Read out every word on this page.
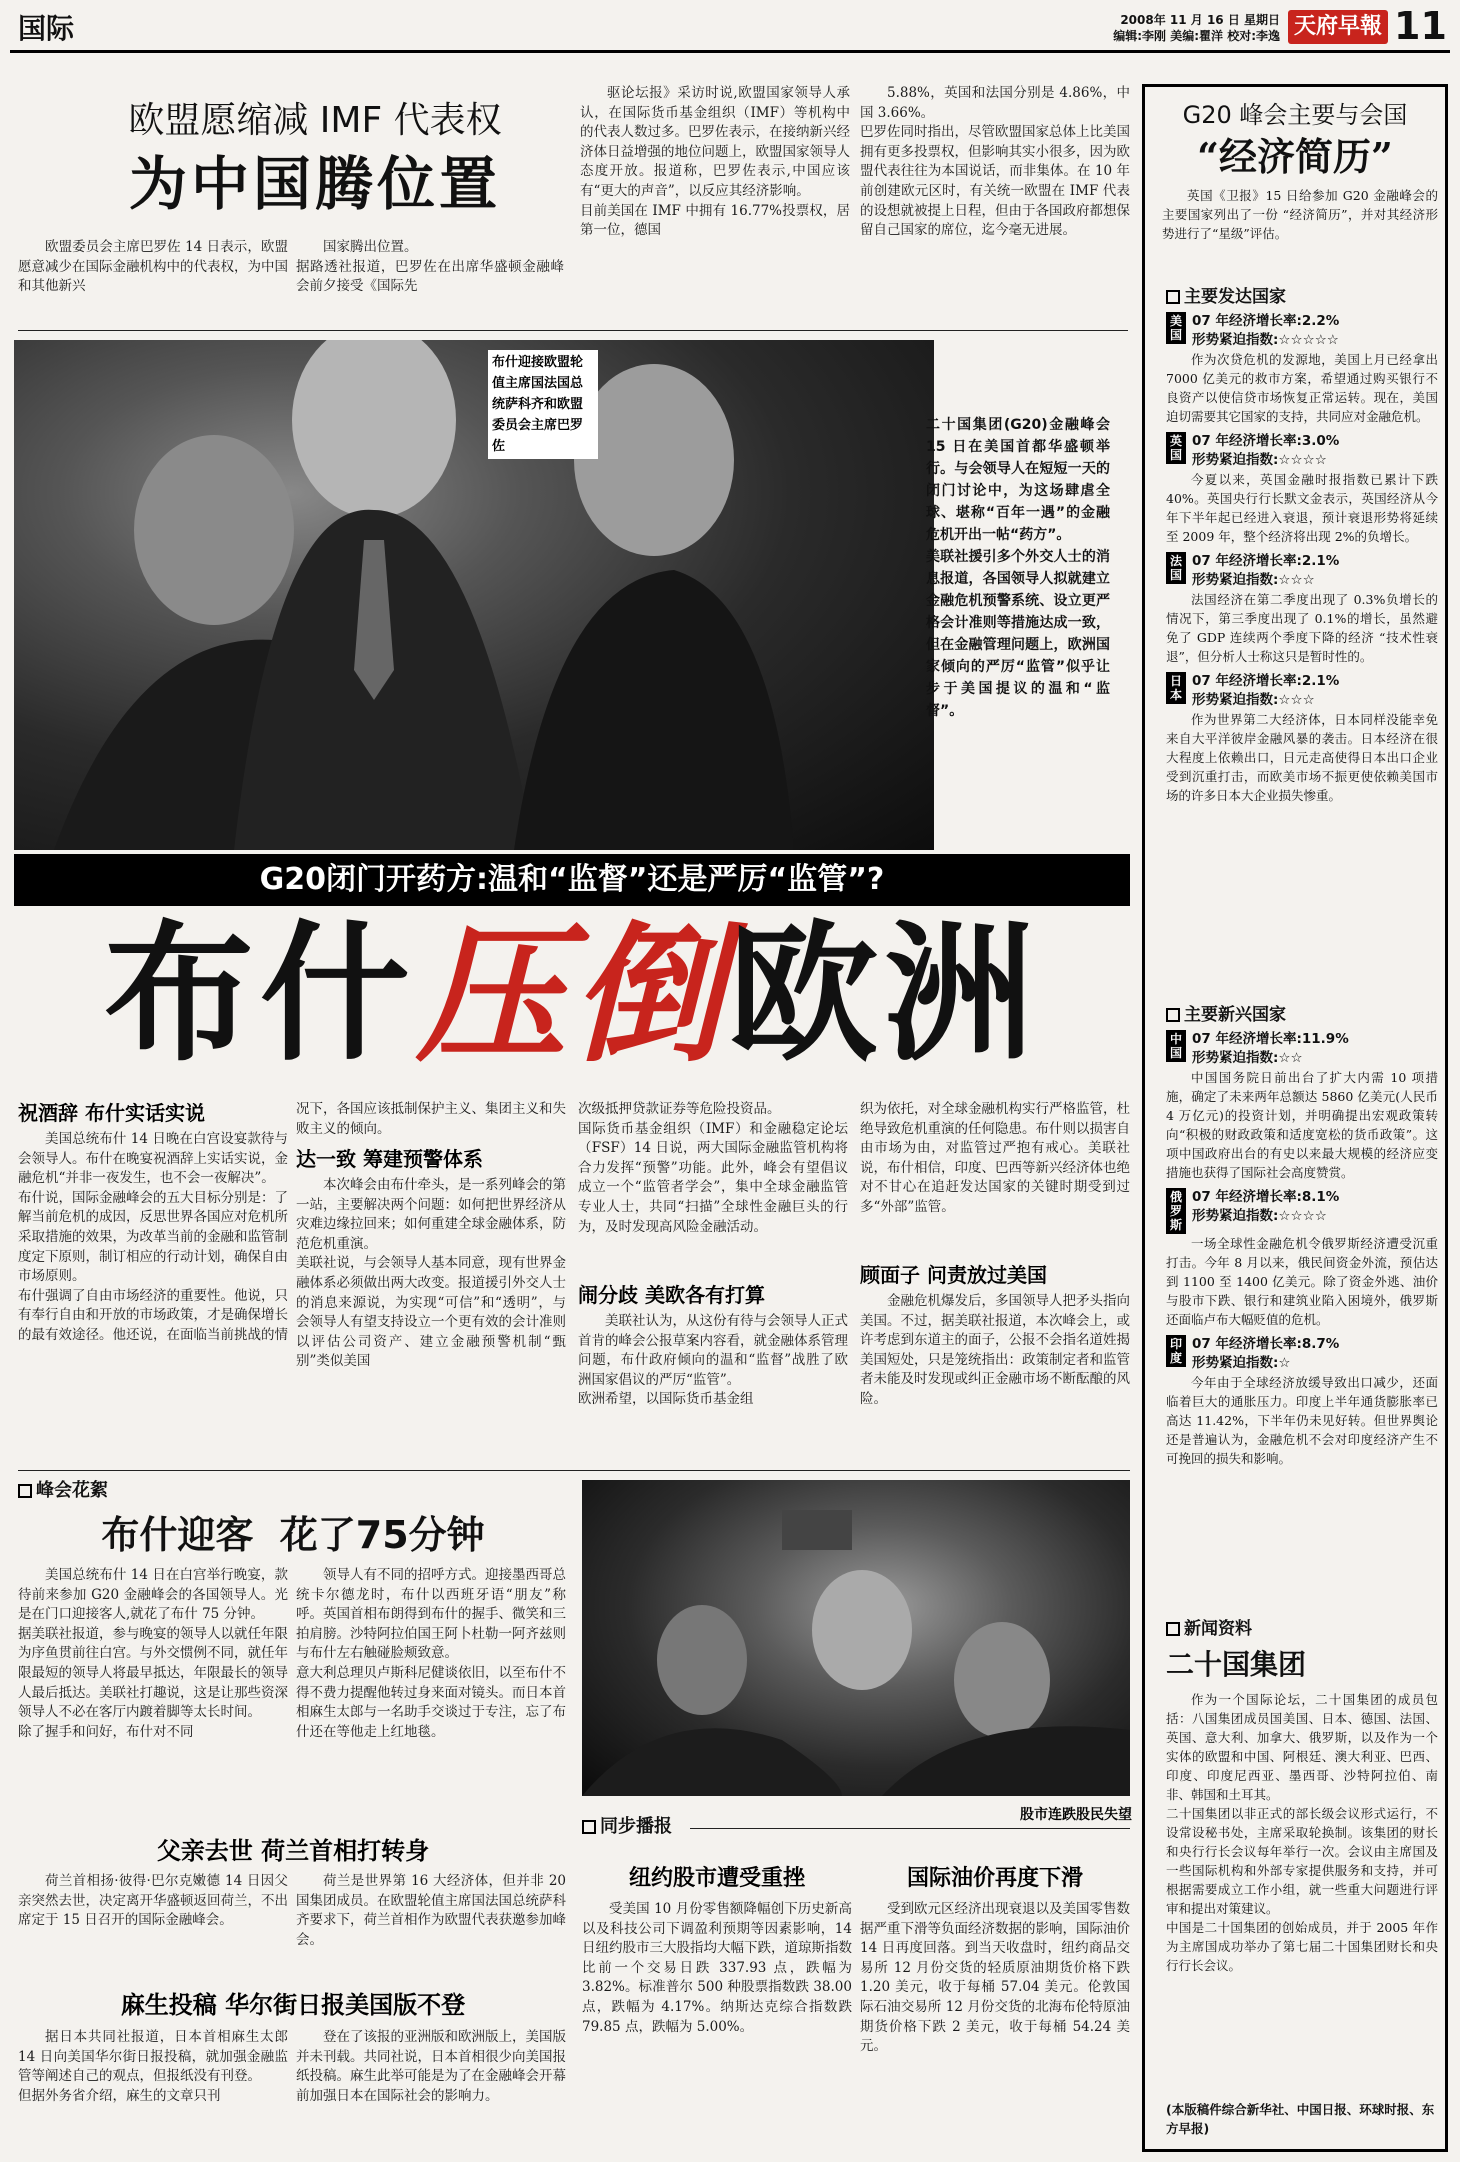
国际	2008年 11 月 16 日 星期日
编辑:李刚 美编:瞿洋 校对:李逸 天府早報 11
欧盟愿缩减 IMF 代表权
为中国腾位置
欧盟委员会主席巴罗佐 14 日表示，欧盟愿意减少在国际金融机构中的代表权，为中国和其他新兴
国家腾出位置。
据路透社报道，巴罗佐在出席华盛顿金融峰会前夕接受《国际先
驱论坛报》采访时说,欧盟国家领导人承认，在国际货币基金组织（IMF）等机构中的代表人数过多。巴罗佐表示，在接纳新兴经济体日益增强的地位问题上，欧盟国家领导人态度开放。报道称，巴罗佐表示,中国应该有“更大的声音”，以反应其经济影响。
目前美国在 IMF 中拥有 16.77%投票权，居第一位，德国
5.88%，英国和法国分别是 4.86%，中国 3.66%。
巴罗佐同时指出，尽管欧盟国家总体上比美国拥有更多投票权，但影响其实小很多，因为欧盟代表往往为本国说话，而非集体。在 10 年前创建欧元区时，有关统一欧盟在 IMF 代表的设想就被提上日程，但由于各国政府都想保留自己国家的席位，迄今毫无进展。
布什迎接欧盟轮值主席国法国总统萨科齐和欧盟委员会主席巴罗佐
二十国集团(G20)金融峰会 15 日在美国首都华盛顿举行。与会领导人在短短一天的闭门讨论中，为这场肆虐全球、堪称“百年一遇”的金融危机开出一帖“药方”。
美联社援引多个外交人士的消息报道，各国领导人拟就建立金融危机预警系统、设立更严格会计准则等措施达成一致，但在金融管理问题上，欧洲国家倾向的严厉“监管”似乎让步于美国提议的温和“监督”。
G20闭门开药方:温和“监督”还是严厉“监管”?
布什 压倒 欧洲
祝酒辞 布什实话实说
美国总统布什 14 日晚在白宫设宴款待与会领导人。布什在晚宴祝酒辞上实话实说，金融危机“并非一夜发生，也不会一夜解决”。
布什说，国际金融峰会的五大目标分别是：了解当前危机的成因，反思世界各国应对危机所采取措施的效果，为改革当前的金融和监管制度定下原则，制订相应的行动计划，确保自由市场原则。
布什强调了自由市场经济的重要性。他说，只有奉行自由和开放的市场政策，才是确保增长的最有效途径。他还说，在面临当前挑战的情
况下，各国应该抵制保护主义、集团主义和失败主义的倾向。
达一致 筹建预警体系
本次峰会由布什牵头，是一系列峰会的第一站，主要解决两个问题：如何把世界经济从灾难边缘拉回来；如何重建全球金融体系，防范危机重演。
美联社说，与会领导人基本同意，现有世界金融体系必须做出两大改变。报道援引外交人士的消息来源说，为实现“可信”和“透明”，与会领导人有望支持设立一个更有效的会计准则以评估公司资产、建立金融预警机制“甄别”类似美国
次级抵押贷款证券等危险投资品。
国际货币基金组织（IMF）和金融稳定论坛（FSF）14 日说，两大国际金融监管机构将合力发挥“预警”功能。此外，峰会有望倡议成立一个“监管者学会”，集中全球金融监管专业人士，共同“扫描”全球性金融巨头的行为，及时发现高风险金融活动。
闹分歧 美欧各有打算
美联社认为，从这份有待与会领导人正式首肯的峰会公报草案内容看，就金融体系管理问题，布什政府倾向的温和“监督”战胜了欧洲国家倡议的严厉“监管”。
欧洲希望，以国际货币基金组
织为依托，对全球金融机构实行严格监管，杜绝导致危机重演的任何隐患。布什则以损害自由市场为由，对监管过严抱有戒心。美联社说，布什相信，印度、巴西等新兴经济体也绝对不甘心在追赶发达国家的关键时期受到过多“外部”监管。
顾面子 问责放过美国
金融危机爆发后，多国领导人把矛头指向美国。不过，据美联社报道，本次峰会上，或许考虑到东道主的面子，公报不会指名道姓揭美国短处，只是笼统指出：政策制定者和监管者未能及时发现或纠正金融市场不断酝酿的风险。
峰会花絮
布什迎客  花了75分钟
美国总统布什 14 日在白宫举行晚宴，款待前来参加 G20 金融峰会的各国领导人。光是在门口迎接客人,就花了布什 75 分钟。
据美联社报道，参与晚宴的领导人以就任年限为序鱼贯前往白宫。与外交惯例不同，就任年限最短的领导人将最早抵达，年限最长的领导人最后抵达。美联社打趣说，这是让那些资深领导人不必在客厅内踱着脚等太长时间。
除了握手和问好，布什对不同
领导人有不同的招呼方式。迎接墨西哥总统卡尔德龙时，布什以西班牙语“朋友”称呼。英国首相布朗得到布什的握手、微笑和三拍肩膀。沙特阿拉伯国王阿卜杜勒一阿齐兹则与布什左右触碰脸颊致意。
意大利总理贝卢斯科尼健谈依旧，以至布什不得不费力提醒他转过身来面对镜头。而日本首相麻生太郎与一名助手交谈过于专注，忘了布什还在等他走上红地毯。
父亲去世 荷兰首相打转身
荷兰首相扬·彼得·巴尔克嫩德 14 日因父亲突然去世，决定离开华盛顿返回荷兰，不出席定于 15 日召开的国际金融峰会。
荷兰是世界第 16 大经济体，但并非 20 国集团成员。在欧盟轮值主席国法国总统萨科齐要求下，荷兰首相作为欧盟代表获邀参加峰会。
麻生投稿 华尔街日报美国版不登
据日本共同社报道，日本首相麻生太郎 14 日向美国华尔街日报投稿，就加强金融监管等阐述自己的观点，但报纸没有刊登。
但据外务省介绍，麻生的文章只刊
登在了该报的亚洲版和欧洲版上，美国版并未刊载。共同社说，日本首相很少向美国报纸投稿。麻生此举可能是为了在金融峰会开幕前加强日本在国际社会的影响力。
股市连跌股民失望
同步播报
纽约股市遭受重挫
受美国 10 月份零售额降幅创下历史新高以及科技公司下调盈利预期等因素影响，14 日纽约股市三大股指均大幅下跌，道琼斯指数比前一个交易日跌 337.93 点，跌幅为 3.82%。标准普尔 500 种股票指数跌 38.00 点，跌幅为 4.17%。纳斯达克综合指数跌 79.85 点，跌幅为 5.00%。
国际油价再度下滑
受到欧元区经济出现衰退以及美国零售数据严重下滑等负面经济数据的影响，国际油价 14 日再度回落。到当天收盘时，纽约商品交易所 12 月份交货的轻质原油期货价格下跌 1.20 美元，收于每桶 57.04 美元。伦敦国际石油交易所 12 月份交货的北海布伦特原油期货价格下跌 2 美元，收于每桶 54.24 美元。
G20 峰会主要与会国
“经济简历”
英国《卫报》15 日给参加 G20 金融峰会的主要国家列出了一份 “经济简历”，并对其经济形势进行了“星级”评估。
主要发达国家
美国
07 年经济增长率:2.2%
形势紧迫指数:☆☆☆☆☆
作为次贷危机的发源地，美国上月已经拿出 7000 亿美元的救市方案，希望通过购买银行不良资产以使信贷市场恢复正常运转。现在，美国迫切需要其它国家的支持，共同应对金融危机。
英国
07 年经济增长率:3.0%
形势紧迫指数:☆☆☆☆
今夏以来，英国金融时报指数已累计下跌 40%。英国央行行长默文金表示，英国经济从今年下半年起已经进入衰退，预计衰退形势将延续至 2009 年，整个经济将出现 2%的负增长。
法国
07 年经济增长率:2.1%
形势紧迫指数:☆☆☆
法国经济在第二季度出现了 0.3%负增长的情况下，第三季度出现了 0.1%的增长，虽然避免了 GDP 连续两个季度下降的经济 “技术性衰退”，但分析人士称这只是暂时性的。
日本
07 年经济增长率:2.1%
形势紧迫指数:☆☆☆
作为世界第二大经济体，日本同样没能幸免来自大平洋彼岸金融风暴的袭击。日本经济在很大程度上依赖出口，日元走高使得日本出口企业受到沉重打击，而欧美市场不振更使依赖美国市场的许多日本大企业损失惨重。
主要新兴国家
中国
07 年经济增长率:11.9%
形势紧迫指数:☆☆
中国国务院日前出台了扩大内需 10 项措施，确定了未来两年总额达 5860 亿美元(人民币 4 万亿元)的投资计划，并明确提出宏观政策转向“积极的财政政策和适度宽松的货币政策”。这项中国政府出台的有史以来最大规模的经济应变措施也获得了国际社会高度赞赏。
俄罗斯
07 年经济增长率:8.1%
形势紧迫指数:☆☆☆☆
一场全球性金融危机令俄罗斯经济遭受沉重打击。今年 8 月以来，俄民间资金外流，预估达到 1100 至 1400 亿美元。除了资金外逃、油价与股市下跌、银行和建筑业陷入困境外，俄罗斯还面临卢布大幅贬值的危机。
印度
07 年经济增长率:8.7%
形势紧迫指数:☆
今年由于全球经济放缓导致出口减少，还面临着巨大的通胀压力。印度上半年通货膨胀率已高达 11.42%，下半年仍未见好转。但世界舆论还是普遍认为，金融危机不会对印度经济产生不可挽回的损失和影响。
新闻资料
二十国集团
作为一个国际论坛，二十国集团的成员包括：八国集团成员国美国、日本、德国、法国、英国、意大利、加拿大、俄罗斯，以及作为一个实体的欧盟和中国、阿根廷、澳大利亚、巴西、印度、印度尼西亚、墨西哥、沙特阿拉伯、南非、韩国和土耳其。
二十国集团以非正式的部长级会议形式运行，不设常设秘书处，主席采取轮换制。该集团的财长和央行行长会议每年举行一次。会议由主席国及一些国际机构和外部专家提供服务和支持，并可根据需要成立工作小组，就一些重大问题进行评审和提出对策建议。
中国是二十国集团的创始成员，并于 2005 年作为主席国成功举办了第七届二十国集团财长和央行行长会议。
(本版稿件综合新华社、中国日报、环球时报、东方早报)
